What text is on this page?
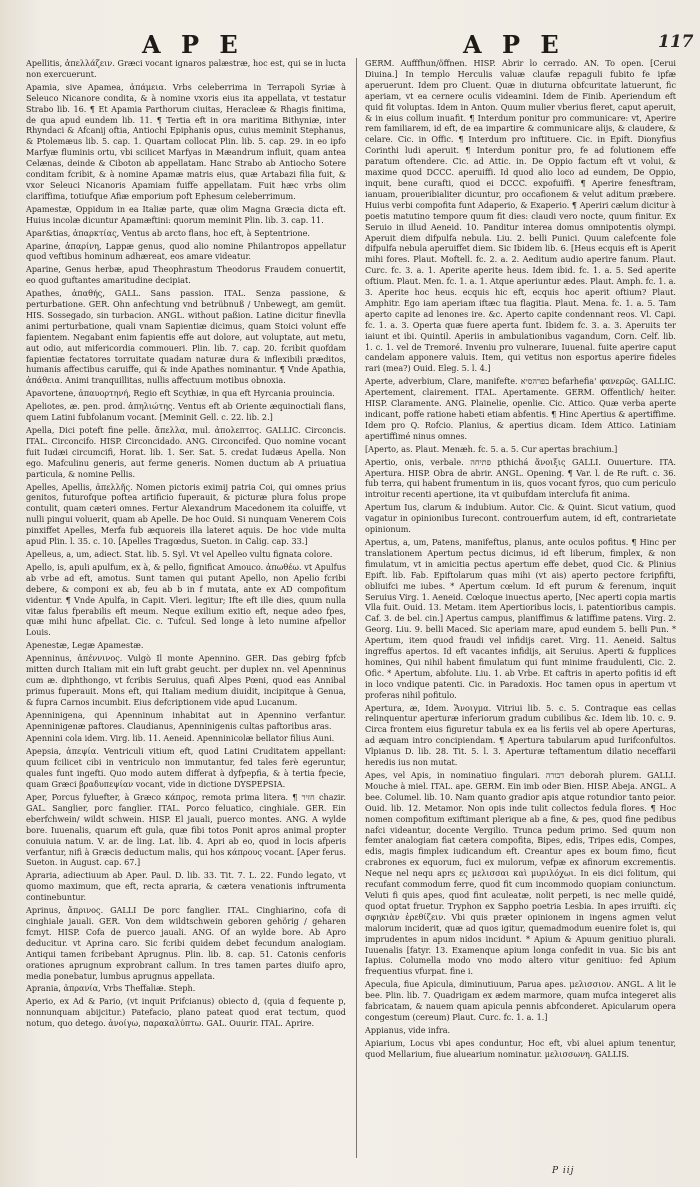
A P E	A P E	117

Apellitis, ἀπελλάζειν. Græci vocant ignaros palæstræ, hoc est, qui se in lucta non exercuerunt.

Apamia, sive Apamea, ἀπάμεια. Vrbs celeberrima in Terrapoli Syriæ à Seleuco Nicanore condita, & à nomine vxoris eius ita appellata, vt testatur Strabo lib. 16. ¶ Et Apamia Parthorum ciuitas, Heracleæ & Rhagis finitima, de qua apud eundem lib. 11. ¶ Tertia eft in ora maritima Bithyniæ, inter Rhyndaci & Afcanij oftia, Antiochi Epiphanis opus, cuius meminit Stephanus, & Ptolemæus lib. 5. cap. 1. Quartam collocat Plin. lib. 5. cap. 29. in eo ipfo Marfyæ fluminis ortu, vbi scilicet Marfyas in Mæandrum influit, quam antea Celænas, deinde & Ciboton ab appellatam. Hanc Strabo ab Antiocho Sotere conditam fcribit, & à nomine Apamæ matris eius, quæ Artabazi filia fuit, & vxor Seleuci Nicanoris Apamiam fuiffe appellatam. Fuit hæc vrbs olim clariffima, totiufque Afiæ emporium poft Ephesum celeberrimum.

Apamestæ, Oppidum in ea Italiæ parte, quæ olim Magna Græcia dicta eft. Huius incolæ dicuntur Apamæftini: quorum meminit Plin. lib. 3. cap. 11.

Apar&tias, ἀπαρκτίας, Ventus ab arcto flans, hoc eft, à Septentrione.

Aparine, ἀπαρίνη, Lappæ genus, quod alio nomine Philantropos appellatur quod veftibus hominum adhæreat, eos amare videatur.

Aparine, Genus herbæ, apud Theophrastum Theodorus Fraudem conuertit, eo quod guftantes amaritudine decipiat.

Apathes, ἀπαθής, GALL. Sans passion. ITAL. Senza passione, & perturbatione. GER. Ohn anfechtung vnd betrübnuß / Unbewegt, am gemüt. HIS. Sossegado, sin turbacion. ANGL. without paßion. Latine dicitur finevlla animi perturbatione, quali vnam Sapientiæ dicimus, quam Stoici volunt effe fapientem. Negabant enim fapientis effe aut dolore, aut voluptate, aut metu, aut odio, aut mifericordia commoueri. Plin. lib. 7. cap. 20. fcribit quofdam fapientiæ fectatores torruitate quadam naturæ dura & inflexibili præditos, humanis affectibus caruiffe, qui & inde Apathes nominantur. ¶ Vnde Apathia, ἀπάθεια. Animi tranquillitas, nullis affectuum motibus obnoxia.

Apavortene, ἀπαυορτηνή, Regio eft Scythiæ, in qua eft Hyrcania prouincia.

Apeliotes, æ. pen. prod. ἀπηλιώτης. Ventus eft ab Oriente æquinoctiali flans, quem Latini fubfolanum vocant. [Meminit Gell. c. 22. lib. 2.]

Apella, Dici poteft fine pelle. ἄπελλα, mul. ἀπολεπτος. GALLIC. Circoncis. ITAL. Circoncifo. HISP. Circoncidado. ANG. Circoncifed. Quo nomine vocant fuit Iudæi circumcifi, Horat. lib. 1. Ser. Sat. 5. credat Iudæus Apella. Non ego. Mafculinu generis, aut ferme generis. Nomen ductum ab A priuatiua particula, & nomine Pellis.

Apelles, Apellis, ἀπελλῆς. Nomen pictoris eximij patria Coi, qui omnes prius genitos, futurofque poftea artificio fuperauit, & picturæ plura folus prope contulit, quam cæteri omnes. Fertur Alexandrum Macedonem ita coluiffe, vt nulli pingui voluerit, quam ab Apelle. De hoc Ouid. Si nunquam Venerem Cois pinxiffet Apelles, Merfa fub æquoreis illa lateret aquis. De hoc vide multa apud Plin. l. 35. c. 10. [Apelles Tragœdus, Sueton. in Calig. cap. 33.]

Apelleus, a, um, adiect. Stat. lib. 5. Syl. Vt vel Apelleo vultu fignata colore.

Apello, is, apuli apulfum, ex à, & pello, fignificat Amouco. ἀπωθέω. vt Apulfus ab vrbe ad eft, amotus. Sunt tamen qui putant Apello, non Apelio fcribi debere, & componi ex ab, feu ab b in f mutata, ante ex AD compofitum videntur. ¶ Vnde Apulfa, in Capit. Vleri. legitur; Ifte eft ille dies, quum nulla vitæ falus fperabilis eft meum. Neque exilium exitio eft, neque adeo fpes, quæ mihi hunc afpellat. Cic. c. Tufcul. Sed longe à leto numine afpellor Louis.

Apenestæ, Legæ Apamestæ.

Apenninus, ἀπέννινος. Vulgò Il monte Apennino. GER. Das gebirg fpfcb mitten durch Italiam mit ein luft grabt geucht. per duplex nn. vel Apenninus cum æ. diphthongo, vt fcribis Seruius, quafi Alpes Pœni, quod eas Annibal primus fuperauit. Mons eft, qui Italiam medium diuidit, incipitque à Genua, & fupra Carnos incumbit. Eius defcriptionem vide apud Lucanum.

Apenninigena, qui Apenninum inhabitat aut in Apennino verfantur. Apenninigenæ paftores. Claudianus, Apenninigenis cultas paftoribus aras.

Apennini cola idem. Virg. lib. 11. Aeneid. Apenninicolæ bellator filius Auni.

Apepsia, ἀπεψία. Ventriculi vitium eft, quod Latini Cruditatem appellant: quum fcilicet cibi in ventriculo non immutantur, fed tales ferè egeruntur, quales funt ingefti. Quo modo autem differat à dyfpepfia, & à tertia fpecie, quam Græci βραδυπεψίαν vocant, vide in dictione DYSPEPSIA.

Aper, Porcus fyluefter, à Græco κάπρος, remota prima litera. ¶ חזיר chazir. GAL. Sanglier, porc fanglier. ITAL. Porco feluatico, cinghiale. GER. Ein eberfchwein/ wildt schwein. HISP. El jauali, puerco montes. ANG. A wylde bore. Iuuenalis, quarum eft gula, quæ fibi totos Ponit apros animal propter conuiuia natum. V. ar. de ling. Lat. lib. 4. Apri ab eo, quod in locis afperis verfantur, nifi à Græcis deductum malis, qui hos κάπρους vocant. [Aper ferus. Sueton. in August. cap. 67.]

Apraria, adiectiuum ab Aper. Paul. D. lib. 33. Tit. 7. L. 22. Fundo legato, vt quomo maximum, que eft, recta apraria, & cætera venationis inftrumenta continebuntur.

Aprinus, ἄπρινος. GALLI De porc fanglier. ITAL. Cinghiarino, cofa di cinghiale jauali. GER. Von dem wildtschwein geboren gehörig / geharen fcmyt. HISP. Cofa de puerco jauali. ANG. Of an wylde bore. Ab Apro deducitur. vt Aprina caro. Sic fcribi quidem debet fecundum analogiam. Antiqui tamen fcribebant Aprugnus. Plin. lib. 8. cap. 51. Catonis cenforis orationes aprugnum exprobrant callum. In tres tamen partes diuifo apro, media ponebatur, lumbus aprugnus appellata.

Aprania, ἀπρανία, Vrbs Theffaliæ. Steph.

Aperio, ex Ad & Pario, (vt inquit Prifcianus) obiecto d, (quia d fequente p, nonnunquam abijcitur.) Patefacio, plano pateat quod erat tectum, quod notum, quo detego. ἀνοίγω, παρακαλύπτω. GAL. Ouurir. ITAL. Aprire.

GERM. Aufffhun/öffnen. HISP. Abrir lo cerrado. AN. To open. [Cerui Diuina.] In templo Herculis valuæ claufæ repaguli fubito fe ipfæ aperuerunt. Idem pro Cluent. Quæ in diuturna obfcuritate latuerunt, fic aperiam, vt ea cernere oculis videamini. Idem de Finib. Aperiendum eft quid fit voluptas. Idem in Anton. Quum mulier vberius fleret, caput aperuit, & in eius collum inuafit. ¶ Interdum ponitur pro communicare: vt, Aperire rem familiarem, id eft, de ea impartire & communicare alijs, & claudere, & celare. Cic. in Offic. ¶ Interdum pro inftituere. Cic. in Epift. Dionyfius Corinthi ludi aperuit. ¶ Interdum ponitur pro, fe ad folutionem effe paratum oftendere. Cic. ad Attic. in. De Oppio factum eft vt volui, & maxime quod DCCC. aperuiffi. Id quod alio loco ad eundem, De Oppio, inquit, bene curafti, quod ei DCCC. expofuiffi. ¶ Aperire fenesftram, ianuam, proueribialiter dicuntur, pro occafionem & velut aditum præbere. Huius verbi compofita funt Adaperio, & Exaperio. ¶ Aperiri cælum dicitur à poetis matutino tempore quum fit dies: claudi vero nocte, quum finitur. Ex Seruio in illud Aeneid. 10. Panditur interea domus omnipotentis olympi. Aperuit diem difpulfa nebula. Liu. 2. belli Punici. Quum calefcente fole difpulfa nebula aperuiffet diem. Sic Ibidem lib. 6. [Heus ecquis eft is Aperit mihi fores. Plaut. Moftell. fc. 2. a. 2. Aeditum audio aperire fanum. Plaut. Curc. fc. 3. a. 1. Aperite aperite heus. Idem ibid. fc. 1. a. 5. Sed aperite oftium. Plaut. Men. fc. 1. a. 1. Atque aperiuntur ædes. Plaut. Amph. fc. 1. a. 3. Aperite hoc heus. ecquis hic eft, ecquis hoc aperit oftium? Plaut. Amphitr. Ego iam aperiam iftæc tua flagitia. Plaut. Mena. fc. 1. a. 5. Tam aperto capite ad lenones ire. &c. Aperto capite condennant reos. Vl. Capi. fc. 1. a. 3. Operta quæ fuere aperta funt. Ibidem fc. 3. a. 3. Aperuits ter iaiunt et ibi. Quintil. Aperiis in ambulationibus vagandum, Corn. Celf. lib. 1. c. 1. vel de Tremoré. Inveniu pro vulnerare, Iuuenal. fuite aperire caput candelam apponere valuis. Item, qui vetitus non esportus aperire fideles rari (mea?) Ouid. Eleg. 5. l. 4.]

Aperte, adverbium, Clare, manifefte. בפרהסיא befarhefia' φανερῶς. GALLIC. Apertement, clairement. ITAL. Apertamente. GERM. Offentlich/ heiter. HISP. Claramente. ANG. Plainelie, openlie. Cic. Attico. Quæ verba aperte indicant, poffe ratione habeti etiam abfentis. ¶ Hinc Apertius & apertiffime. Idem pro Q. Rofcio. Planius, & apertius dicam. Idem Attico. Latiniam apertiffimé ninus omnes.

[Aperto, as. Plaut. Menæh. fc. 5. a. 5. Cur apertas brachium.]

Apertio, onis, verbale. פתיחה pthichá ἄνοιξις GALLI. Ouuerture. ITA. Apertura. HISP. Obra de abrir. ANGL. Opening. ¶ Var. l. de Re ruft. c. 36. fub terra, qui habent frumentum in iis, quos vocant fyros, quo cum periculo introitur recenti apertione, ita vt quibufdam interclufa fit anima.

Apertum Ius, clarum & indubium. Autor. Cic. & Quint. Sicut vatium, quod vagatur in opinionibus Iurecont. controuerfum autem, id eft, contrarietate opinionum.

Apertus, a, um, Patens, manifeftus, planus, ante oculos pofitus. ¶ Hinc per translationem Apertum pectus dicimus, id eft liberum, fimplex, & non fimulatum, vt in amicitia pectus apertum effe debet, quod Cic. & Plinius Epift. lib. Fab. Epiftolarum quas mihi (vt ais) aperto pectore fcripfifti, obliuifci me iubes. * Apertum cœlum. Id eft purum & ferenum, inquit Seruius Virg. 1. Aeneid. Cœloque inuectus aperto, [Nec aperti copia martis Vlla fuit. Ouid. 13. Metam. item Apertioribus locis, i. patentioribus campis. Caf. 3. de bel. cin.] Apertus campus, planiffimus & latiffime patens. Virg. 2. Georg. Liu. 9. belli Maced. Sic aperiam mare, apud eundem 5. belli Pun. * Apertum, item quod fraudi vel infidijs caret. Virg. 11. Aeneid. Saltus ingreffus apertos. Id eft vacantes infidijs, ait Seruius. Aperti & fupplices homines, Qui nihil habent fimulatum qui funt minime fraudulenti, Cic. 2. Ofic. * Apertum, abfolute. Liu. 1. ab Vrbe. Et caftris in aperto pofitis id eft in loco vndique patenti. Cic. in Paradoxis. Hoc tamen opus in apertum vt proferas nihil pofitulo.

Apertura, æ, Idem. Ἄνοιγμα. Vitriui lib. 5. c. 5. Contraque eas cellas relinquentur aperturæ inferiorum gradum cubilibus &c. Idem lib. 10. c. 9. Circa frontem eius figuretur tabula ex ea lis feriis vel ab opere Aperturas, ad æquam intro concipiendam. ¶ Apertura tabularum apud Iurifconfultos. Vlpianus D. lib. 28. Tit. 5. l. 3. Aperturæ teftamentum dilatio neceffarii heredis ius non mutat.

Apes, vel Apis, in nominatiuo fingulari. דבורה deborah plurem. GALLI. Mouche à miel. ITAL. ape. GERM. Ein imb oder Bien. HISP. Abeja. ANGL. A bee. Columel. lib. 10. Nam quanto gradior apis atque rotundior tanto peior. Ouid. lib. 12. Metamor. Non opis inde tulit collectos fedula flores. ¶ Hoc nomen compofitum exiftimant plerique ab a fine, & pes, quod fine pedibus nafci videantur, docente Vergilio. Trunca pedum primo. Sed quum non femter analogiam fiat cætera compofita, Bipes, edis, Tripes edis, Compes, edis, magis fimplex iudicandum eft. Creantur apes ex boum fimo, ficut crabrones ex equorum, fuci ex mulorum, vefpæ ex afinorum excrementis. Neque nel nequ aprs ες μελισσαι καὶ μυριλόχωι. In eis dici folitum, qui recufant commodum ferre, quod fit cum incommodo quopiam coniunctum. Veluti fi quis apes, quod fint aculeatæ, nolit perpeti, is nec melle quidé, quod optat fruetur. Tryphon ex Sappho poetria Lesbia. In apes irruifti. εἰς σφηκιὰν ἐρεθίζειν. Vbi quis præter opinionem in ingens agmen velut malorum inciderit, quæ ad quos igitur, quemadmodum euenire folet is, qui imprudentes in apum nidos incidunt. * Apium & Apuum genitiuo plurali. Iuuenalis [fatyr. 13. Examenque apium longa confedit in vua. Sic bis ant Iapius. Columella modo vno modo altero vitur genitiuo: fed Apium frequentius vfurpat. fine i.

Apecula, fiue Apicula, diminutiuum, Parua apes. μελισσιον. ANGL. A lit le bee. Plin. lib. 7. Quadrigam ex ædem marmore, quam mufca integeret alis fabricatam, & nauem quam apicula pennis abfconderet. Apicularum opera congestum (cereum) Plaut. Curc. fc. 1. a. 1.]

Appianus, vide infra.

Apiarium, Locus vbi apes conduntur, Hoc eft, vbi aluei apium tenentur, quod Mellarium, fiue aluearium nominatur. μελισσωνη. GALLIS.

P iij
